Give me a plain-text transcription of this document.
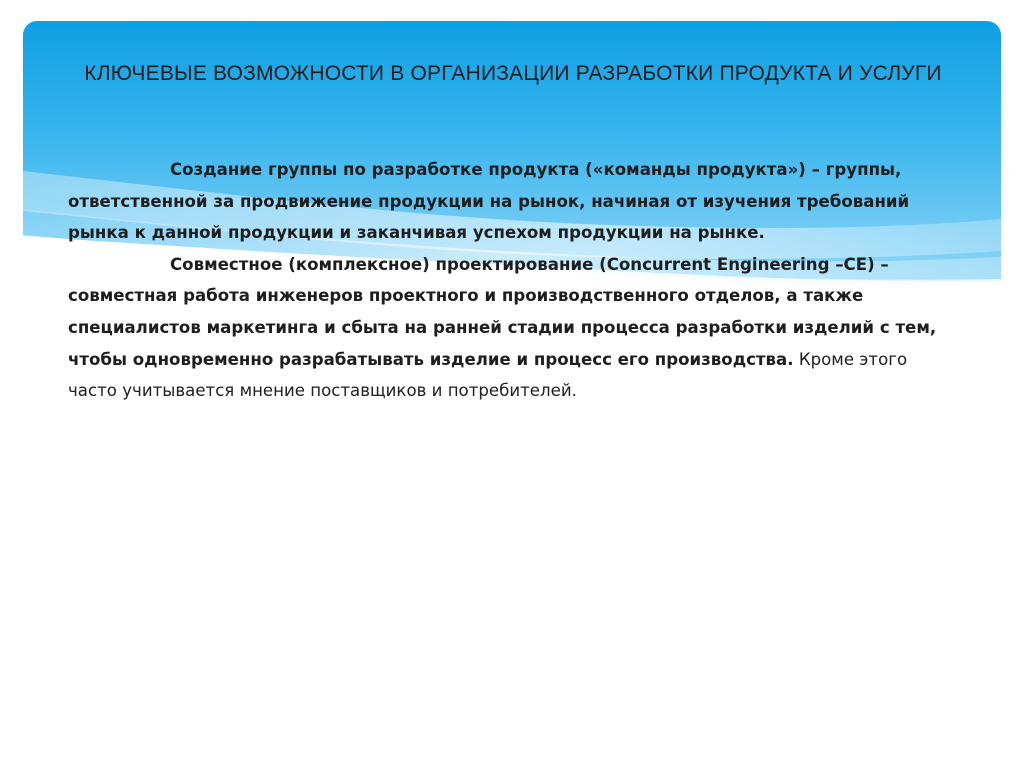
КЛЮЧЕВЫЕ ВОЗМОЖНОСТИ В ОРГАНИЗАЦИИ РАЗРАБОТКИ ПРОДУКТА И УСЛУГИ

Создание группы по разработке продукта («команды продукта») – группы, ответственной за продвижение продукции на рынок, начиная от изучения требований рынка к данной продукции и заканчивая успехом продукции на рынке.

Совместное (комплексное) проектирование (Concurrent Engineering –CE) – совместная работа инженеров проектного и производственного отделов, а также специалистов маркетинга и сбыта на ранней стадии процесса разработки изделий с тем, чтобы одновременно разрабатывать изделие и процесс его производства. Кроме этого часто учитывается мнение поставщиков и потребителей.
